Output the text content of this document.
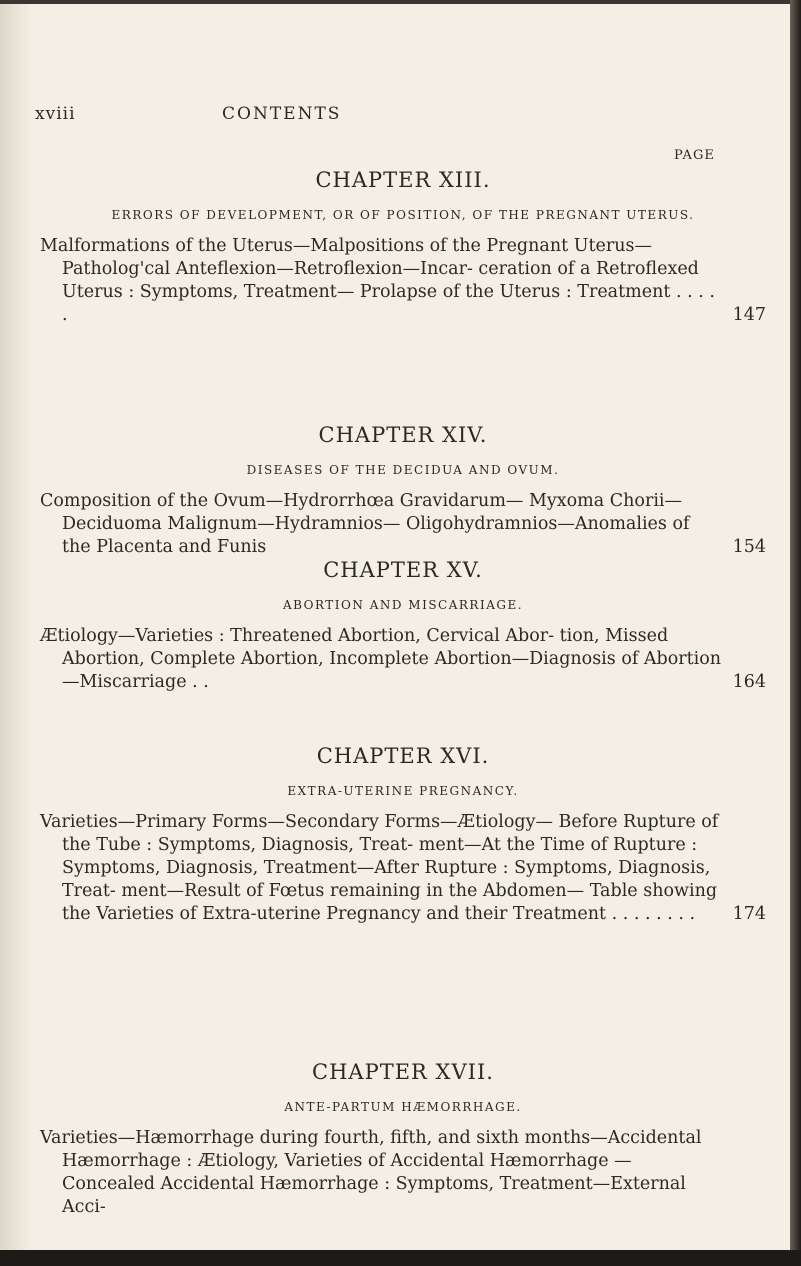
xviii	CONTENTS
PAGE
CHAPTER XIII.
ERRORS OF DEVELOPMENT, OR OF POSITION, OF THE PREGNANT UTERUS.
Malformations of the Uterus—Malpositions of the Pregnant Uterus—Patholog'cal Anteflexion—Retroflexion—Incar- ceration of a Retroflexed Uterus : Symptoms, Treatment— Prolapse of the Uterus : Treatment . . . . .	147
CHAPTER XIV.
DISEASES OF THE DECIDUA AND OVUM.
Composition of the Ovum—Hydrorrhœa Gravidarum— Myxoma Chorii—Deciduoma Malignum—Hydramnios— Oligohydramnios—Anomalies of the Placenta and Funis	154
CHAPTER XV.
ABORTION AND MISCARRIAGE.
Ætiology—Varieties : Threatened Abortion, Cervical Abor- tion, Missed Abortion, Complete Abortion, Incomplete Abortion—Diagnosis of Abortion—Miscarriage . .	164
CHAPTER XVI.
EXTRA-UTERINE PREGNANCY.
Varieties—Primary Forms—Secondary Forms—Ætiology— Before Rupture of the Tube : Symptoms, Diagnosis, Treat- ment—At the Time of Rupture : Symptoms, Diagnosis, Treatment—After Rupture : Symptoms, Diagnosis, Treat- ment—Result of Fœtus remaining in the Abdomen— Table showing the Varieties of Extra-uterine Pregnancy and their Treatment . . . . . . . . 174
CHAPTER XVII.
ANTE-PARTUM HÆMORRHAGE.
Varieties—Hæmorrhage during fourth, fifth, and sixth months—Accidental Hæmorrhage : Ætiology, Varieties of Accidental Hæmorrhage — Concealed Accidental Hæmorrhage : Symptoms, Treatment—External Acci-
